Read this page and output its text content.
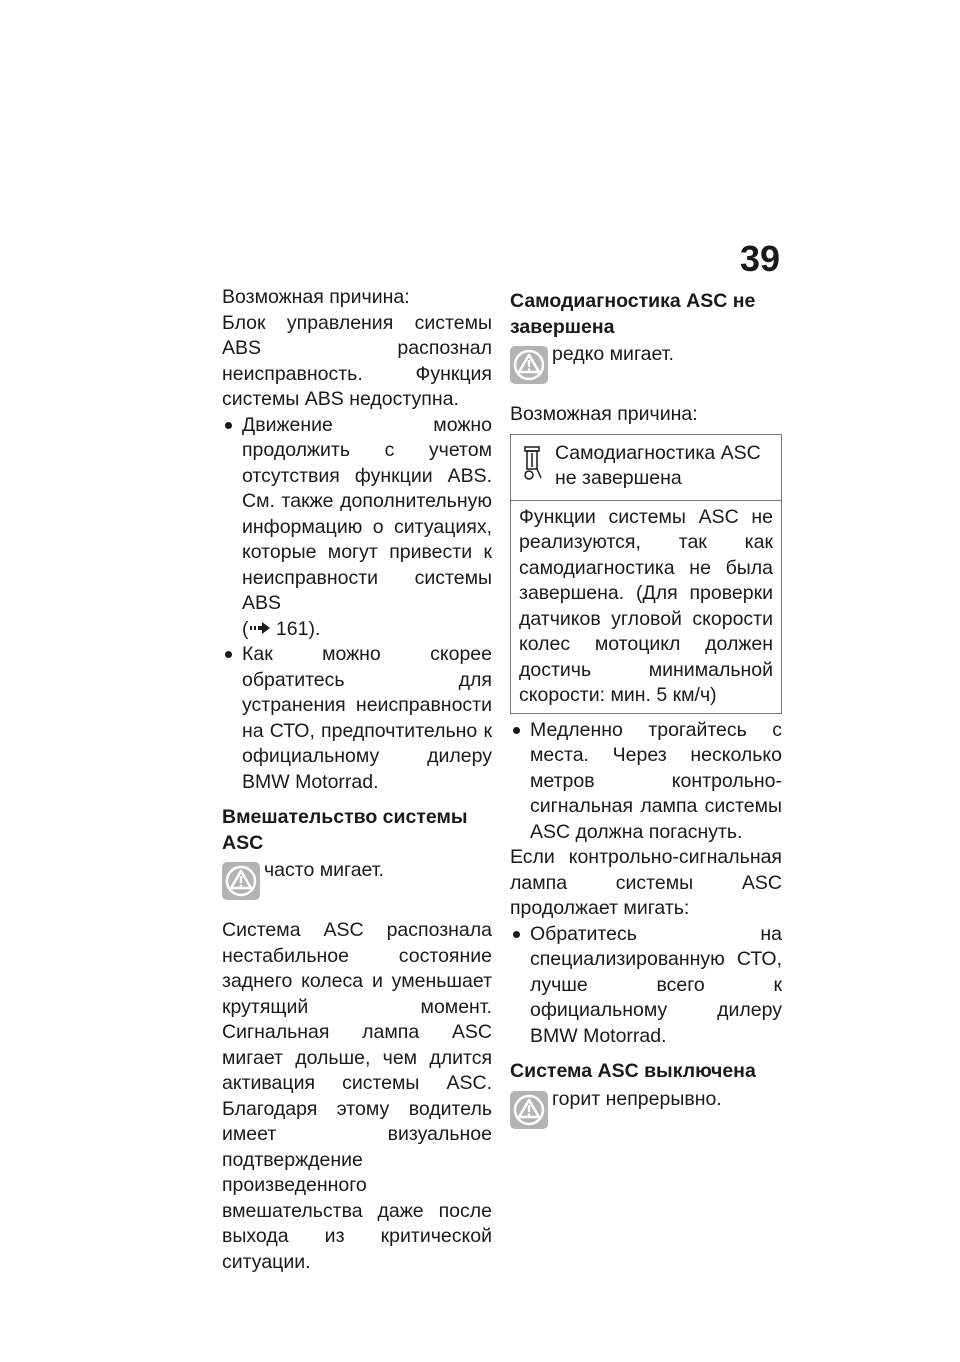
39

Возможная причина:

Блок управления системы ABS распознал неисправность. Функция системы ABS недоступна.

Движение можно продолжить с учетом отсутствия функции ABS. См. также дополнительную информацию о ситуациях, которые могут привести к неисправности системы ABS
( 161).
Как можно скорее обратитесь для устранения неисправности на СТО, предпочтительно к официальному дилеру BMW Motorrad.

Вмешательство системы ASC

часто мигает.

Система ASC распознала нестабильное состояние заднего колеса и уменьшает крутящий момент. Сигнальная лампа ASC мигает дольше, чем длится активация системы ASC. Благодаря этому водитель имеет визуальное подтверждение произведенного вмешательства даже после выхода из критической ситуации.

Самодиагностика ASC не завершена

редко мигает.

Возможная причина:

Самодиагностика ASC не завершена
Функции системы ASC не реализуются, так как самодиагностика не была завершена. (Для проверки датчиков угловой скорости колес мотоцикл должен достичь минимальной скорости: мин. 5 км/ч)
Медленно трогайтесь с места. Через несколько метров контрольно-сигнальная лампа системы ASC должна погаснуть.

Если контрольно-сигнальная лампа системы ASC продолжает мигать:

Обратитесь на специализированную СТО, лучше всего к официальному дилеру BMW Motorrad.

Система ASC выключена

горит непрерывно.
